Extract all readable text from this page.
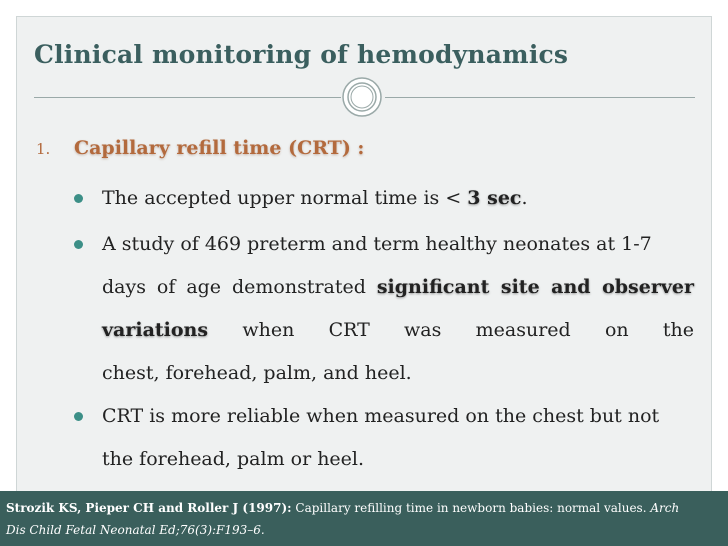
Clinical monitoring of hemodynamics
1. Capillary refill time (CRT) :
The accepted upper normal time is < 3 sec.
A study of 469 preterm and term healthy neonates at 1-7
days of age demonstrated significant site and observer
variations when CRT was measured on the
chest, forehead, palm, and heel.
CRT is more reliable when measured on the chest but not
the forehead, palm or heel.
Strozik KS, Pieper CH and Roller J (1997): Capillary refilling time in newborn babies: normal values. Arch
Dis Child Fetal Neonatal Ed;76(3):F193–6.
